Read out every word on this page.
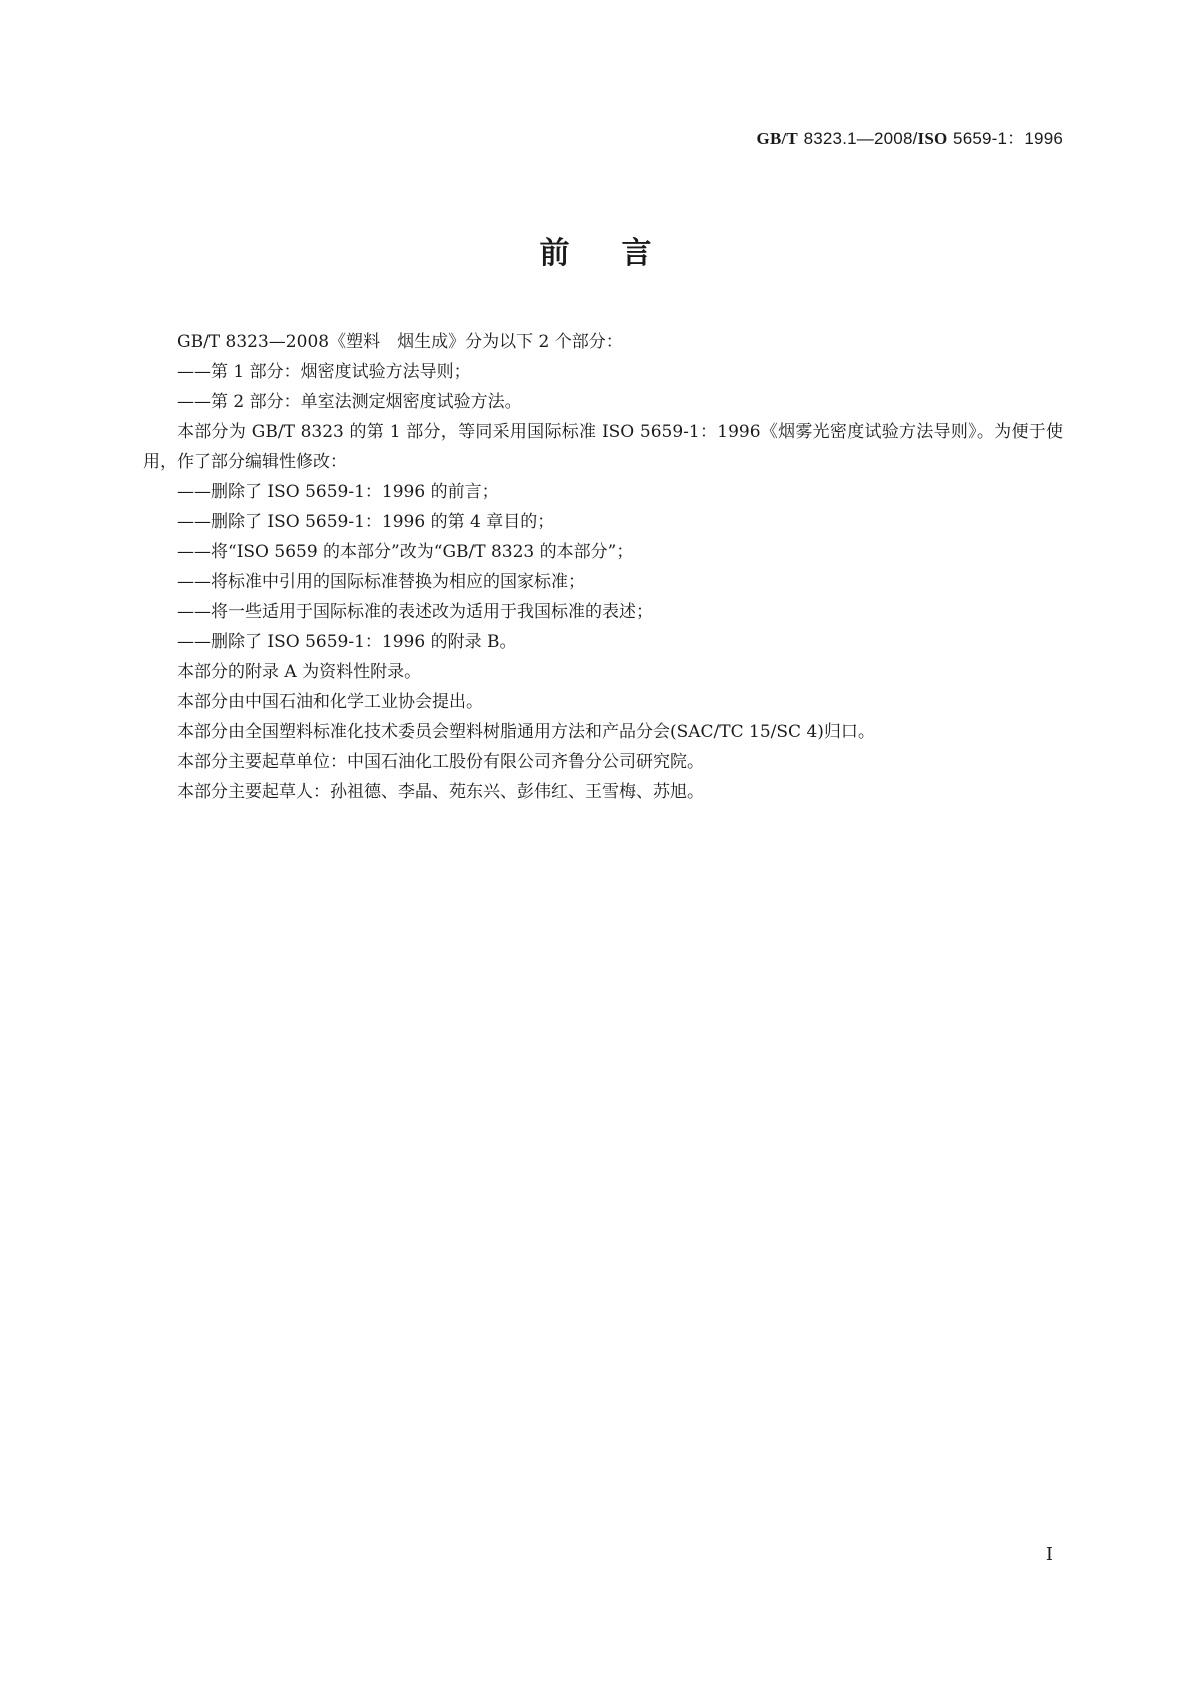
GB/T 8323.1—2008/ISO 5659-1：1996
前言

GB/T 8323—2008《塑料　烟生成》分为以下 2 个部分：

——第 1 部分：烟密度试验方法导则；

——第 2 部分：单室法测定烟密度试验方法。

本部分为 GB/T 8323 的第 1 部分，等同采用国际标准 ISO 5659-1：1996《烟雾光密度试验方法导则》。为便于使用，作了部分编辑性修改：

——删除了 ISO 5659-1：1996 的前言；

——删除了 ISO 5659-1：1996 的第 4 章目的；

——将“ISO 5659 的本部分”改为“GB/T 8323 的本部分”；

——将标准中引用的国际标准替换为相应的国家标准；

——将一些适用于国际标准的表述改为适用于我国标准的表述；

——删除了 ISO 5659-1：1996 的附录 B。

本部分的附录 A 为资料性附录。

本部分由中国石油和化学工业协会提出。

本部分由全国塑料标准化技术委员会塑料树脂通用方法和产品分会(SAC/TC 15/SC 4)归口。

本部分主要起草单位：中国石油化工股份有限公司齐鲁分公司研究院。

本部分主要起草人：孙祖德、李晶、苑东兴、彭伟红、王雪梅、苏旭。

I
